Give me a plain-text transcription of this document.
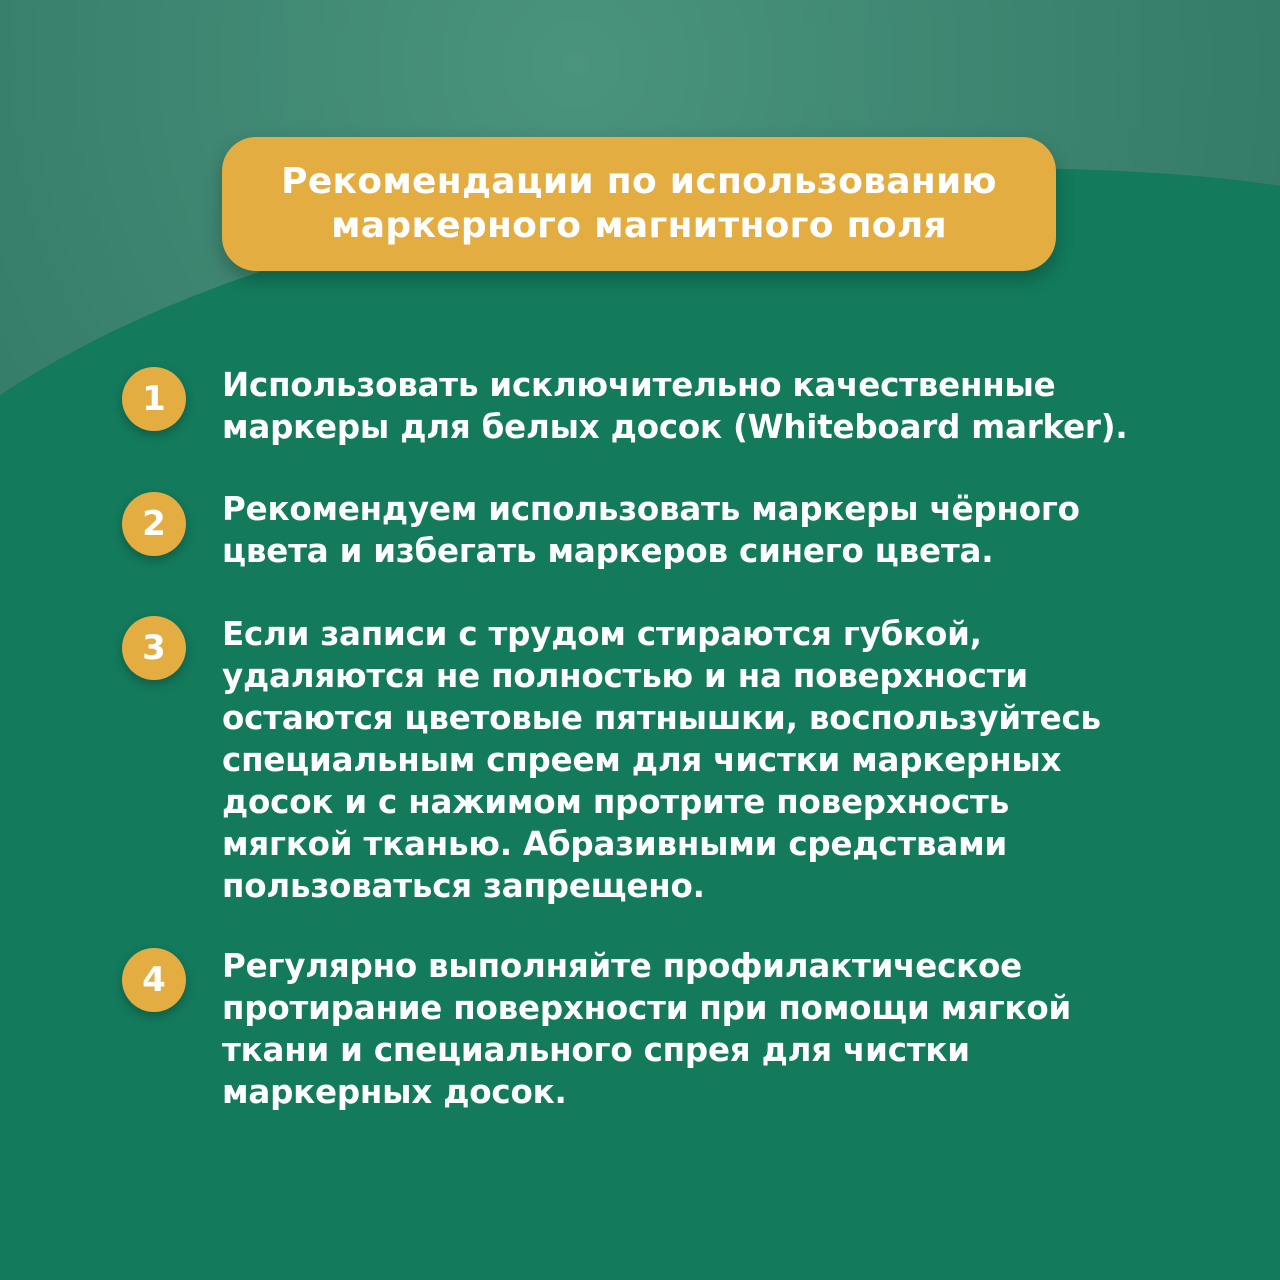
Рекомендации по использованию
маркерного магнитного поля
1	Использовать исключительно качественные
маркеры для белых досок (Whiteboard marker).
2	Рекомендуем использовать маркеры чёрного
цвета и избегать маркеров синего цвета.
3	Если записи с трудом стираются губкой,
удаляются не полностью и на поверхности
остаются цветовые пятнышки, воспользуйтесь
специальным спреем для чистки маркерных
досок и с нажимом протрите поверхность
мягкой тканью. Абразивными средствами
пользоваться запрещено.
4	Регулярно выполняйте профилактическое
протирание поверхности при помощи мягкой
ткани и специального спрея для чистки
маркерных досок.
